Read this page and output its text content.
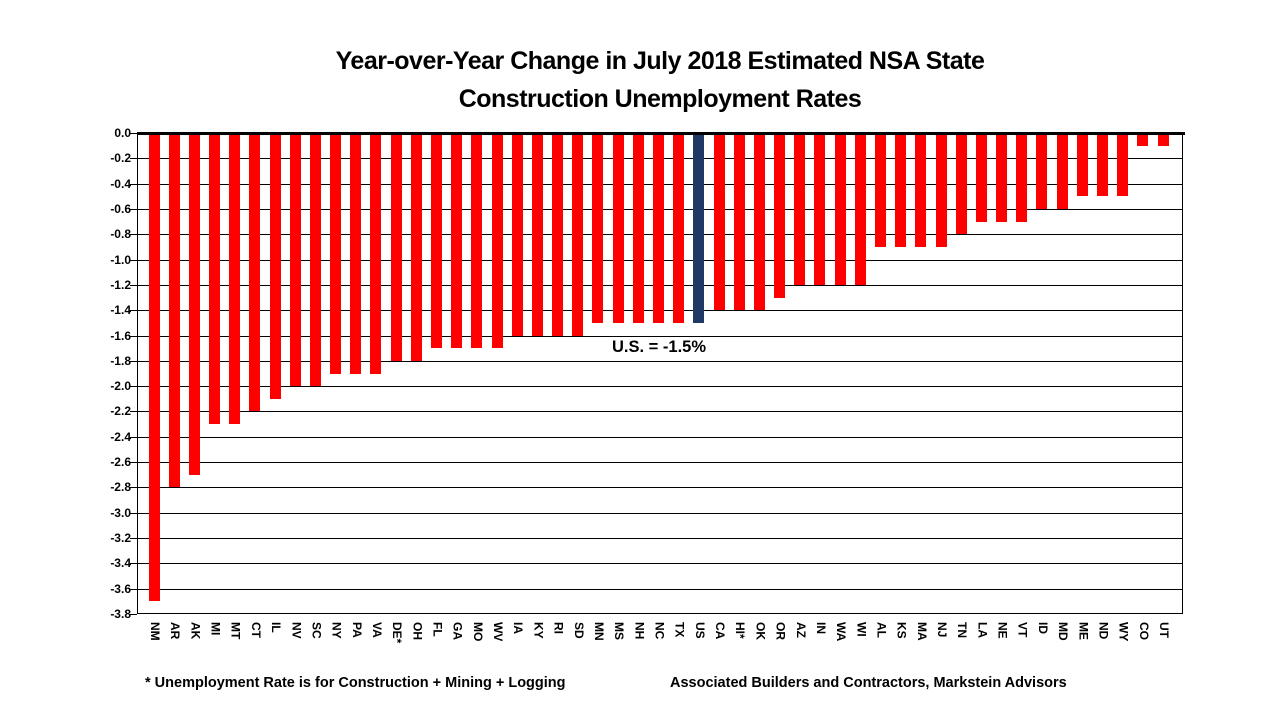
Year-over-Year Change in July 2018 Estimated NSA State
Construction Unemployment Rates
0.0
-0.2
-0.4
-0.6
-0.8
-1.0
-1.2
-1.4
-1.6
-1.8
-2.0
-2.2
-2.4
-2.6
-2.8
-3.0
-3.2
-3.4
-3.6
-3.8
NM AR AK MI MT CT IL NV SC NY PA VA DE* OH FL GA MO WV IA KY RI SD MN MS NH NC TX US CA HI* OK OR AZ IN WA WI AL KS MA NJ TN LA NE VT ID MD ME ND WY CO UT
U.S. = -1.5%
* Unemployment Rate is for Construction + Mining + Logging	Associated Builders and Contractors, Markstein Advisors
